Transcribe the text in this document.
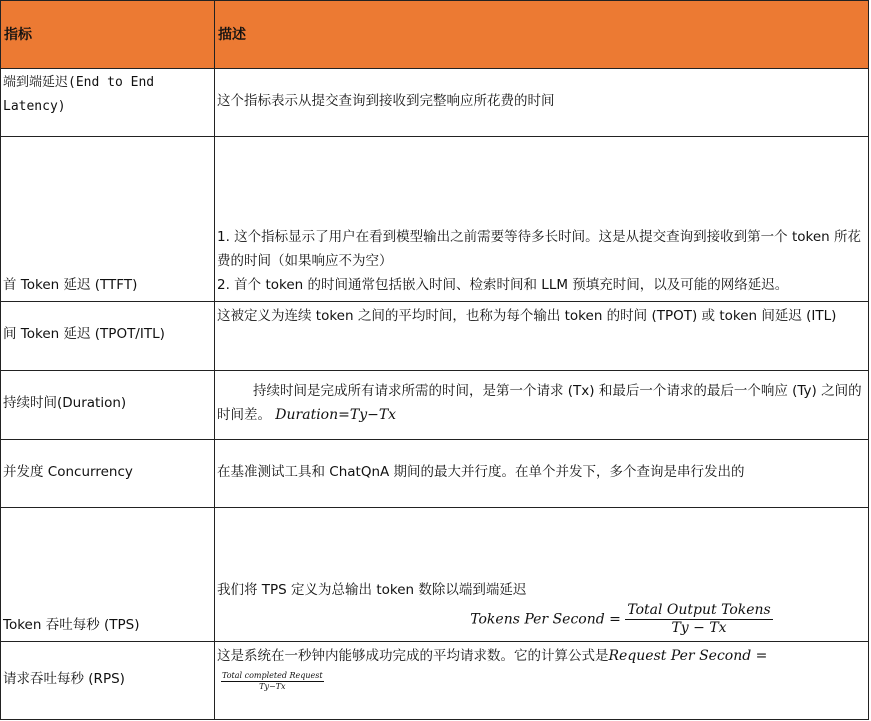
指标	描述
端到端延迟(End to End Latency)	这个指标表示从提交查询到接收到完整响应所花费的时间
首 Token 延迟 (TTFT)	1. 这个指标显示了用户在看到模型输出之前需要等待多长时间。这是从提交查询到接收到第一个 token 所花费的时间（如果响应不为空）
2. 首个 token 的时间通常包括嵌入时间、检索时间和 LLM 预填充时间，以及可能的网络延迟。

间 Token 延迟 (TPOT/ITL)	这被定义为连续 token 之间的平均时间，也称为每个输出 token 的时间 (TPOT) 或 token 间延迟 (ITL)
持续时间(Duration)	持续时间是完成所有请求所需的时间，是第一个请求 (Tx) 和最后一个请求的最后一个响应 (Ty) 之间的时间差。 Duration=Ty−Tx
并发度 Concurrency	在基准测试工具和 ChatQnA 期间的最大并行度。在单个并发下，多个查询是串行发出的
Token 吞吐每秒 (TPS)	我们将 TPS 定义为总输出 token 数除以端到端延迟
Tokens Per Second = $\frac{\text{Total Output Tokens}}{Ty - Tx}$

请求吞吐每秒 (RPS)	这是系统在一秒钟内能够成功完成的平均请求数。它的计算公式是Request Per Second =
$\frac{\text{Total completed Request}}{Ty-Tx}$
